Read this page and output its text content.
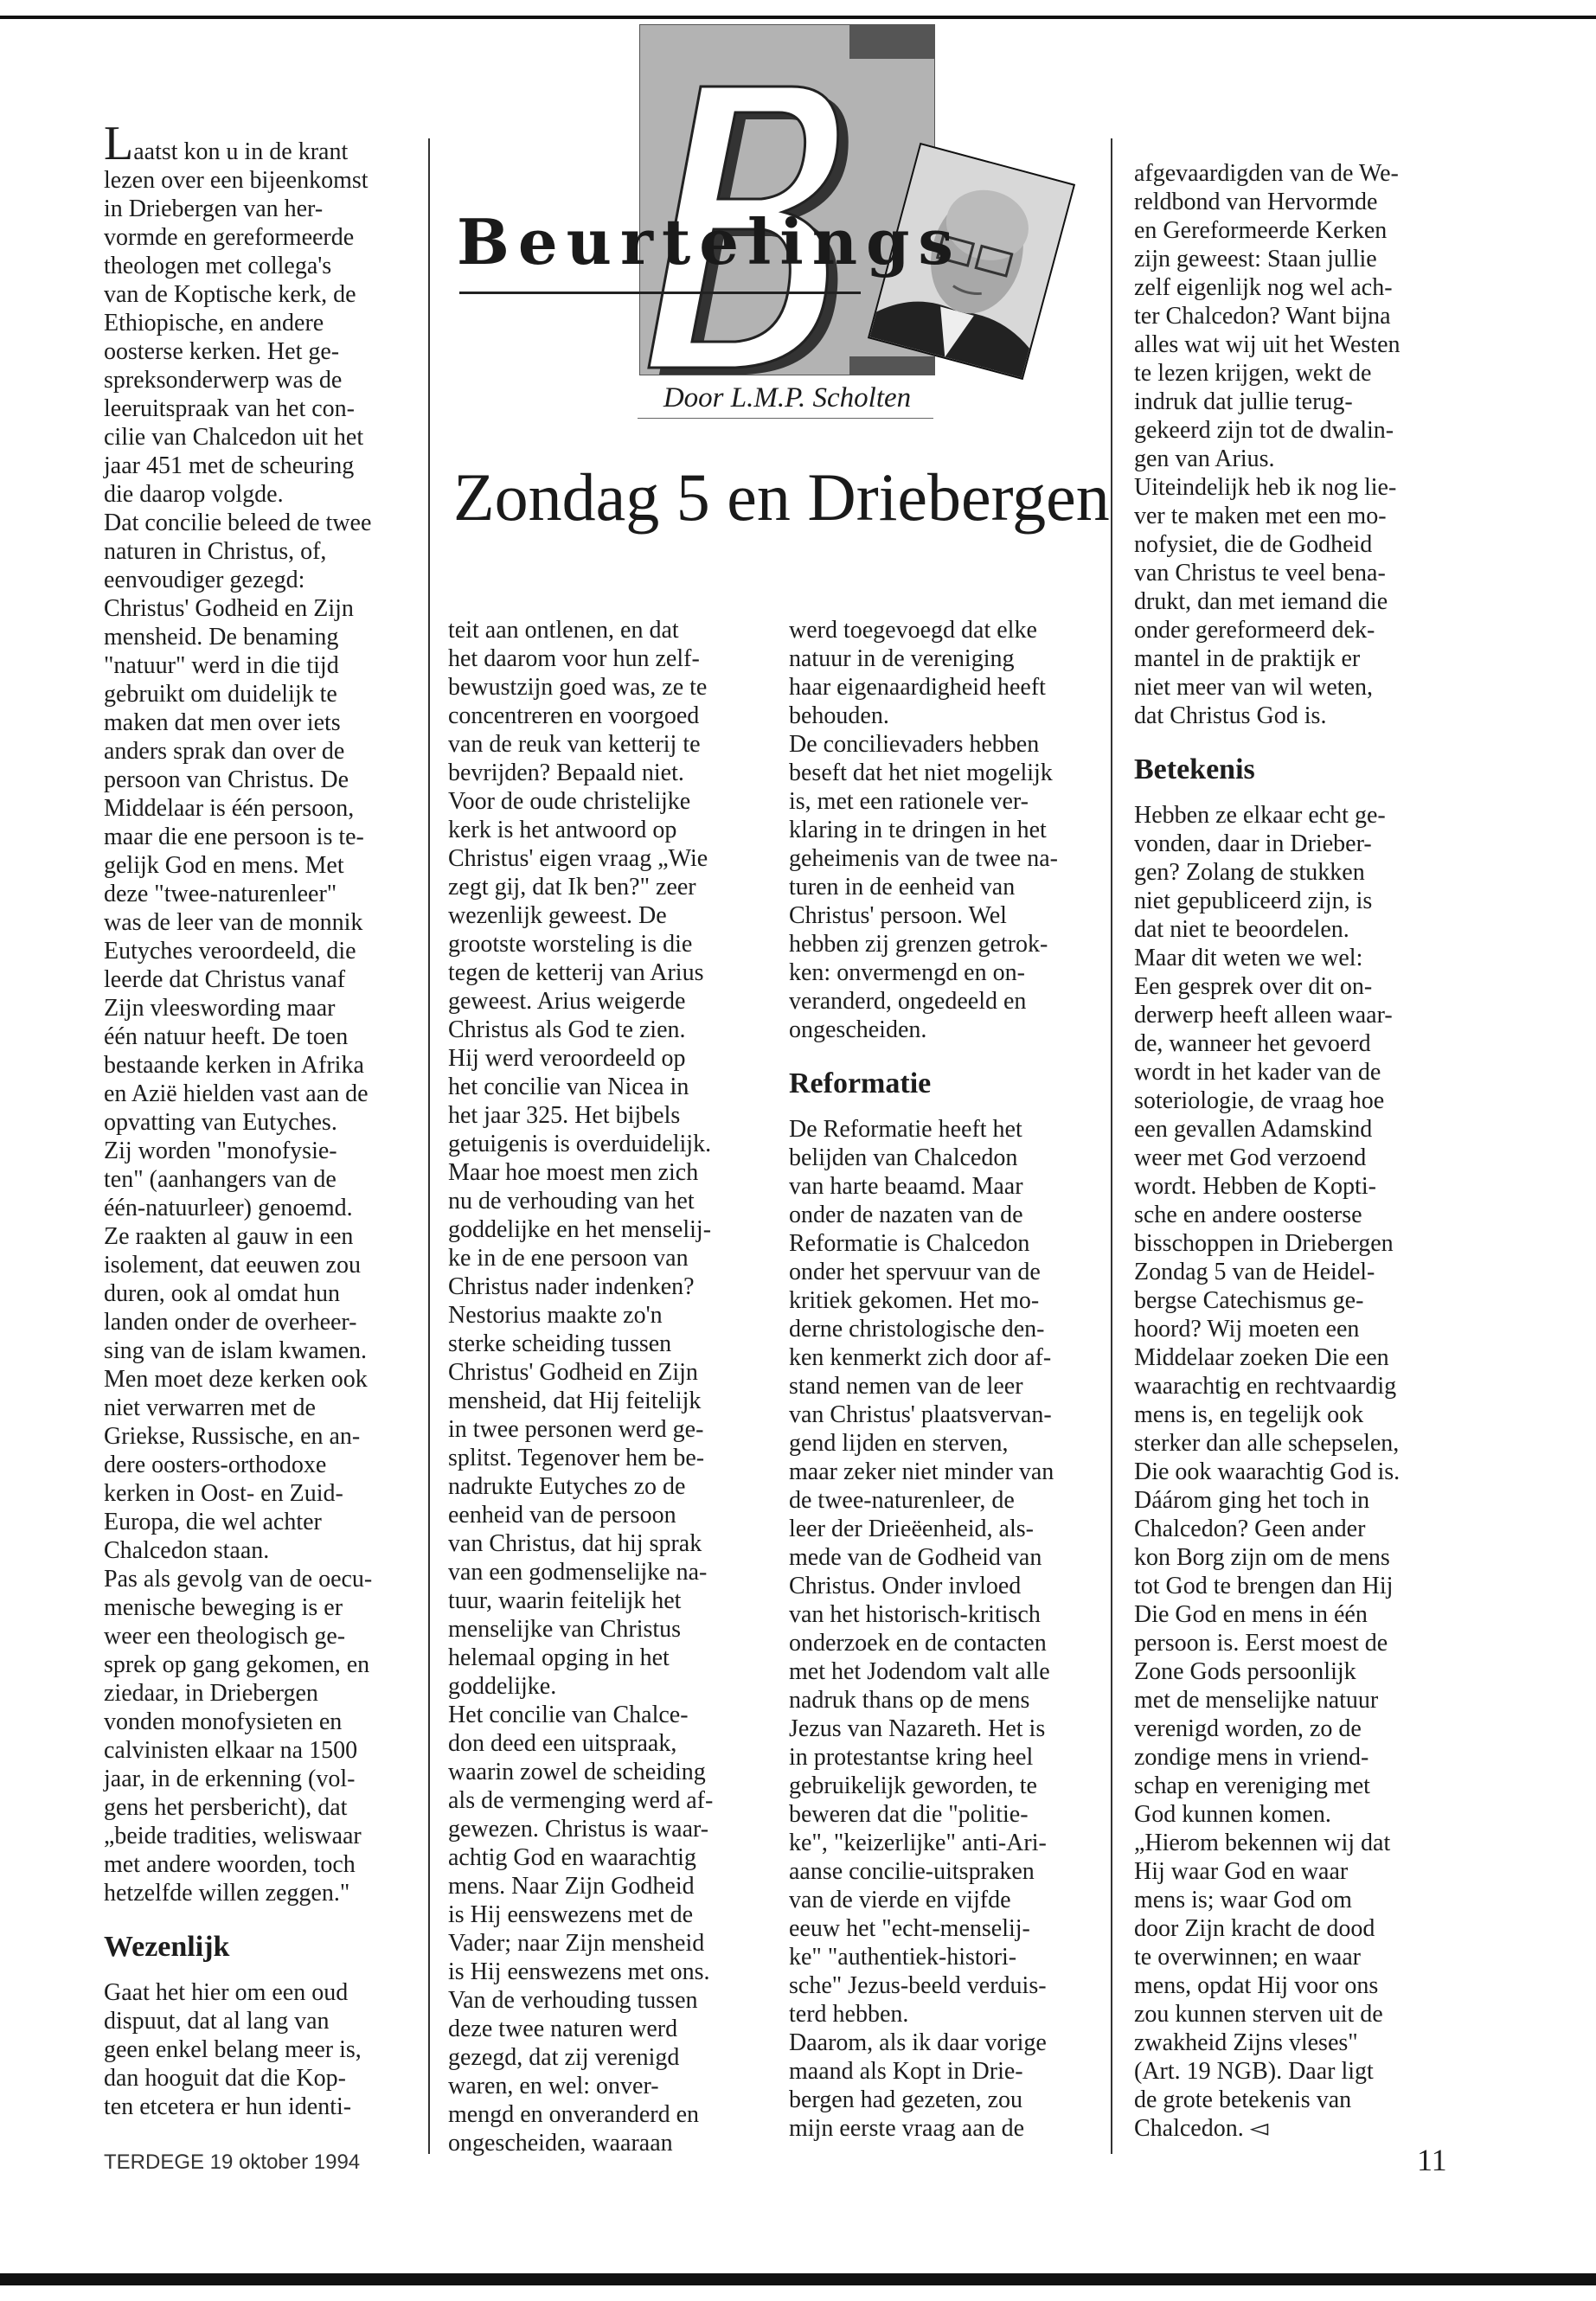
Beurtelings
Door L.M.P. Scholten
Zondag 5 en Driebergen
Laatst kon u in de krant
lezen over een bijeenkomst
in Driebergen van her-
vormde en gereformeerde
theologen met collega's
van de Koptische kerk, de
Ethiopische, en andere
oosterse kerken. Het ge-
spreksonderwerp was de
leeruitspraak van het con-
cilie van Chalcedon uit het
jaar 451 met de scheuring
die daarop volgde.
Dat concilie beleed de twee
naturen in Christus, of,
eenvoudiger gezegd:
Christus' Godheid en Zijn
mensheid. De benaming
"natuur" werd in die tijd
gebruikt om duidelijk te
maken dat men over iets
anders sprak dan over de
persoon van Christus. De
Middelaar is één persoon,
maar die ene persoon is te-
gelijk God en mens. Met
deze "twee-naturenleer"
was de leer van de monnik
Eutyches veroordeeld, die
leerde dat Christus vanaf
Zijn vleeswording maar
één natuur heeft. De toen
bestaande kerken in Afrika
en Azië hielden vast aan de
opvatting van Eutyches.
Zij worden "monofysie-
ten" (aanhangers van de
één-natuurleer) genoemd.
Ze raakten al gauw in een
isolement, dat eeuwen zou
duren, ook al omdat hun
landen onder de overheer-
sing van de islam kwamen.
Men moet deze kerken ook
niet verwarren met de
Griekse, Russische, en an-
dere oosters-orthodoxe
kerken in Oost- en Zuid-
Europa, die wel achter
Chalcedon staan.
Pas als gevolg van de oecu-
menische beweging is er
weer een theologisch ge-
sprek op gang gekomen, en
ziedaar, in Driebergen
vonden monofysieten en
calvinisten elkaar na 1500
jaar, in de erkenning (vol-
gens het persbericht), dat
„beide tradities, weliswaar
met andere woorden, toch
hetzelfde willen zeggen."
Wezenlijk
Gaat het hier om een oud
dispuut, dat al lang van
geen enkel belang meer is,
dan hooguit dat die Kop-
ten etcetera er hun identi-
teit aan ontlenen, en dat
het daarom voor hun zelf-
bewustzijn goed was, ze te
concentreren en voorgoed
van de reuk van ketterij te
bevrijden? Bepaald niet.
Voor de oude christelijke
kerk is het antwoord op
Christus' eigen vraag „Wie
zegt gij, dat Ik ben?" zeer
wezenlijk geweest. De
grootste worsteling is die
tegen de ketterij van Arius
geweest. Arius weigerde
Christus als God te zien.
Hij werd veroordeeld op
het concilie van Nicea in
het jaar 325. Het bijbels
getuigenis is overduidelijk.
Maar hoe moest men zich
nu de verhouding van het
goddelijke en het menselij-
ke in de ene persoon van
Christus nader indenken?
Nestorius maakte zo'n
sterke scheiding tussen
Christus' Godheid en Zijn
mensheid, dat Hij feitelijk
in twee personen werd ge-
splitst. Tegenover hem be-
nadrukte Eutyches zo de
eenheid van de persoon
van Christus, dat hij sprak
van een godmenselijke na-
tuur, waarin feitelijk het
menselijke van Christus
helemaal opging in het
goddelijke.
Het concilie van Chalce-
don deed een uitspraak,
waarin zowel de scheiding
als de vermenging werd af-
gewezen. Christus is waar-
achtig God en waarachtig
mens. Naar Zijn Godheid
is Hij eenswezens met de
Vader; naar Zijn mensheid
is Hij eenswezens met ons.
Van de verhouding tussen
deze twee naturen werd
gezegd, dat zij verenigd
waren, en wel: onver-
mengd en onveranderd en
ongescheiden, waaraan
werd toegevoegd dat elke
natuur in de vereniging
haar eigenaardigheid heeft
behouden.
De concilievaders hebben
beseft dat het niet mogelijk
is, met een rationele ver-
klaring in te dringen in het
geheimenis van de twee na-
turen in de eenheid van
Christus' persoon. Wel
hebben zij grenzen getrok-
ken: onvermengd en on-
veranderd, ongedeeld en
ongescheiden.
Reformatie
De Reformatie heeft het
belijden van Chalcedon
van harte beaamd. Maar
onder de nazaten van de
Reformatie is Chalcedon
onder het spervuur van de
kritiek gekomen. Het mo-
derne christologische den-
ken kenmerkt zich door af-
stand nemen van de leer
van Christus' plaatsvervan-
gend lijden en sterven,
maar zeker niet minder van
de twee-naturenleer, de
leer der Drieëenheid, als-
mede van de Godheid van
Christus. Onder invloed
van het historisch-kritisch
onderzoek en de contacten
met het Jodendom valt alle
nadruk thans op de mens
Jezus van Nazareth. Het is
in protestantse kring heel
gebruikelijk geworden, te
beweren dat die "politie-
ke", "keizerlijke" anti-Ari-
aanse concilie-uitspraken
van de vierde en vijfde
eeuw het "echt-menselij-
ke" "authentiek-histori-
sche" Jezus-beeld verduis-
terd hebben.
Daarom, als ik daar vorige
maand als Kopt in Drie-
bergen had gezeten, zou
mijn eerste vraag aan de
afgevaardigden van de We-
reldbond van Hervormde
en Gereformeerde Kerken
zijn geweest: Staan jullie
zelf eigenlijk nog wel ach-
ter Chalcedon? Want bijna
alles wat wij uit het Westen
te lezen krijgen, wekt de
indruk dat jullie terug-
gekeerd zijn tot de dwalin-
gen van Arius.
Uiteindelijk heb ik nog lie-
ver te maken met een mo-
nofysiet, die de Godheid
van Christus te veel bena-
drukt, dan met iemand die
onder gereformeerd dek-
mantel in de praktijk er
niet meer van wil weten,
dat Christus God is.
Betekenis
Hebben ze elkaar echt ge-
vonden, daar in Drieber-
gen? Zolang de stukken
niet gepubliceerd zijn, is
dat niet te beoordelen.
Maar dit weten we wel:
Een gesprek over dit on-
derwerp heeft alleen waar-
de, wanneer het gevoerd
wordt in het kader van de
soteriologie, de vraag hoe
een gevallen Adamskind
weer met God verzoend
wordt. Hebben de Kopti-
sche en andere oosterse
bisschoppen in Driebergen
Zondag 5 van de Heidel-
bergse Catechismus ge-
hoord? Wij moeten een
Middelaar zoeken Die een
waarachtig en rechtvaardig
mens is, en tegelijk ook
sterker dan alle schepselen,
Die ook waarachtig God is.
Dáárom ging het toch in
Chalcedon? Geen ander
kon Borg zijn om de mens
tot God te brengen dan Hij
Die God en mens in één
persoon is. Eerst moest de
Zone Gods persoonlijk
met de menselijke natuur
verenigd worden, zo de
zondige mens in vriend-
schap en vereniging met
God kunnen komen.
„Hierom bekennen wij dat
Hij waar God en waar
mens is; waar God om
door Zijn kracht de dood
te overwinnen; en waar
mens, opdat Hij voor ons
zou kunnen sterven uit de
zwakheid Zijns vleses"
(Art. 19 NGB). Daar ligt
de grote betekenis van
Chalcedon. ◅
TERDEGE 19 oktober 1994	11
